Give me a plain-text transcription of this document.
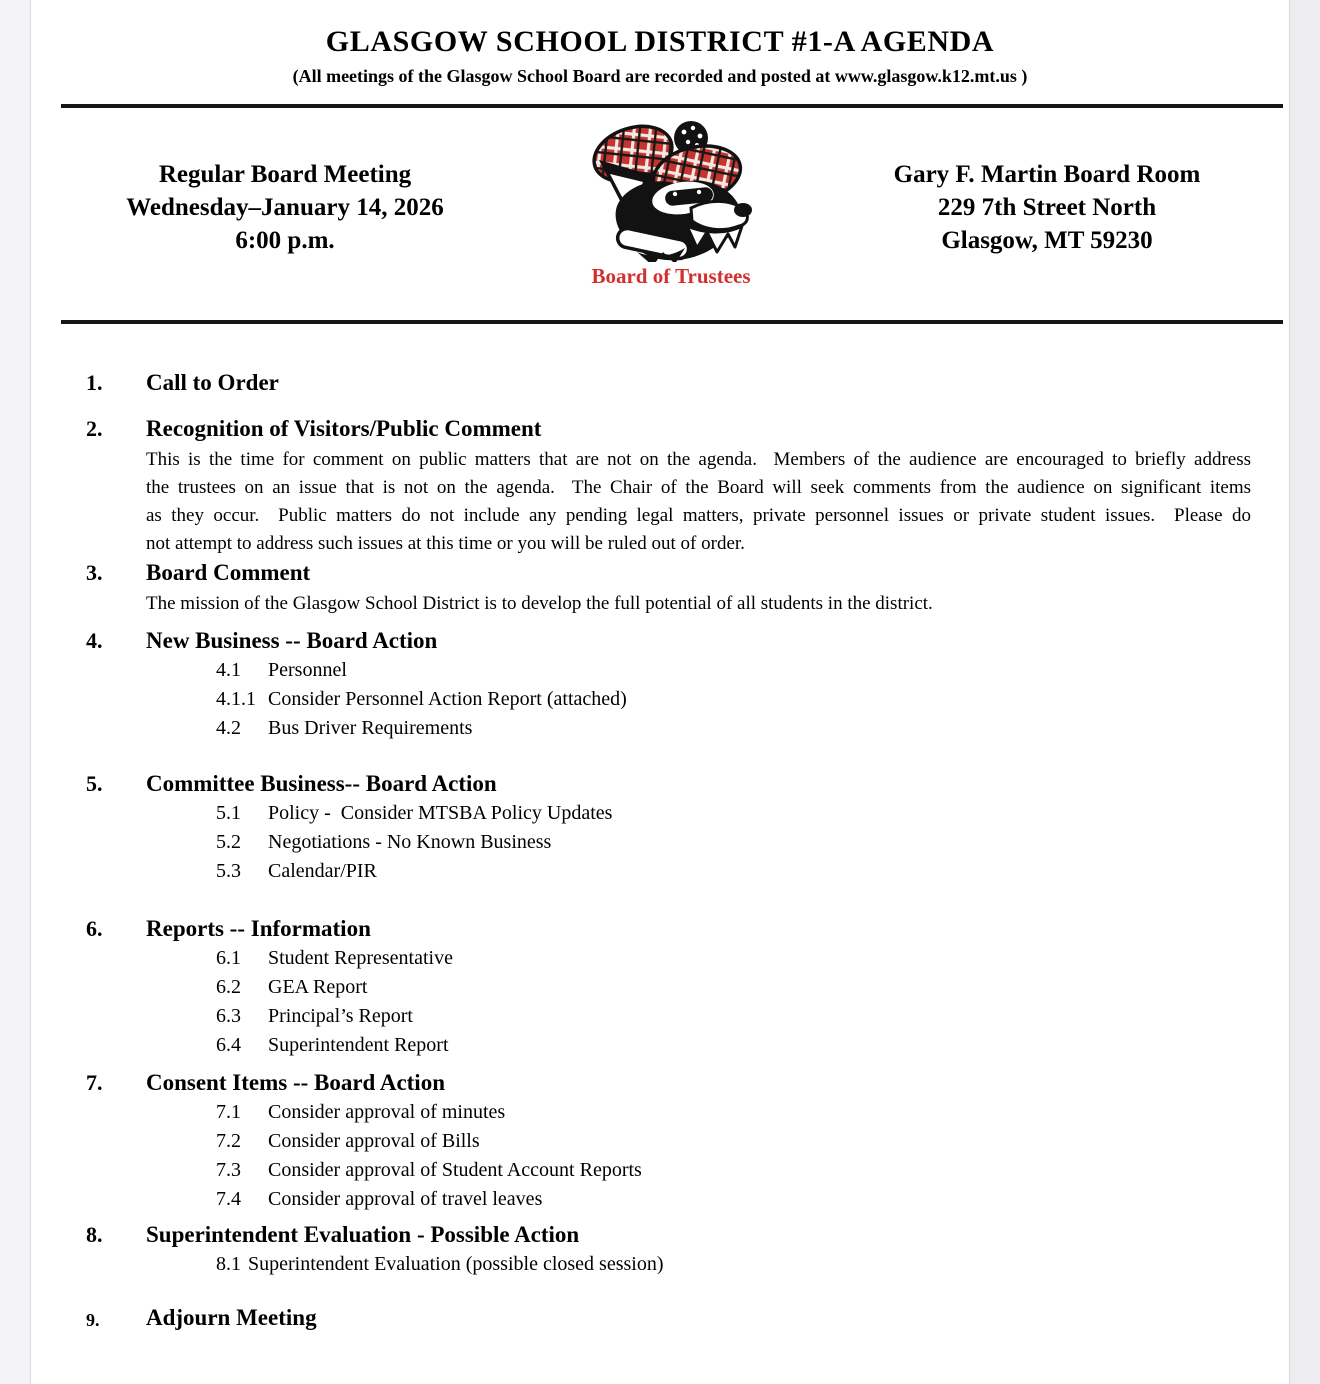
GLASGOW SCHOOL DISTRICT #1-A AGENDA
(All meetings of the Glasgow School Board are recorded and posted at www.glasgow.k12.mt.us )
Regular Board Meeting
Wednesday–January 14, 2026
6:00 p.m.
Board of Trustees
Gary F. Martin Board Room
229 7th Street North
Glasgow, MT 59230
1.	Call to Order
2.	Recognition of Visitors/Public Comment
This is the time for comment on public matters that are not on the agenda.  Members of the audience are encouraged to briefly address
the trustees on an issue that is not on the agenda.  The Chair of the Board will seek comments from the audience on significant items
as they occur.  Public matters do not include any pending legal matters, private personnel issues or private student issues.  Please do
not attempt to address such issues at this time or you will be ruled out of order.
3.	Board Comment
The mission of the Glasgow School District is to develop the full potential of all students in the district.
4.	New Business -- Board Action
4.1 Personnel
4.1.1 Consider Personnel Action Report (attached)
4.2 Bus Driver Requirements
5.	Committee Business-- Board Action
5.1 Policy -  Consider MTSBA Policy Updates
5.2 Negotiations - No Known Business
5.3 Calendar/PIR
6.	Reports -- Information
6.1 Student Representative
6.2 GEA Report
6.3 Principal’s Report
6.4 Superintendent Report
7.	Consent Items -- Board Action
7.1 Consider approval of minutes
7.2 Consider approval of Bills
7.3 Consider approval of Student Account Reports
7.4 Consider approval of travel leaves
8.	Superintendent Evaluation - Possible Action
8.1 Superintendent Evaluation (possible closed session)
9.	Adjourn Meeting
